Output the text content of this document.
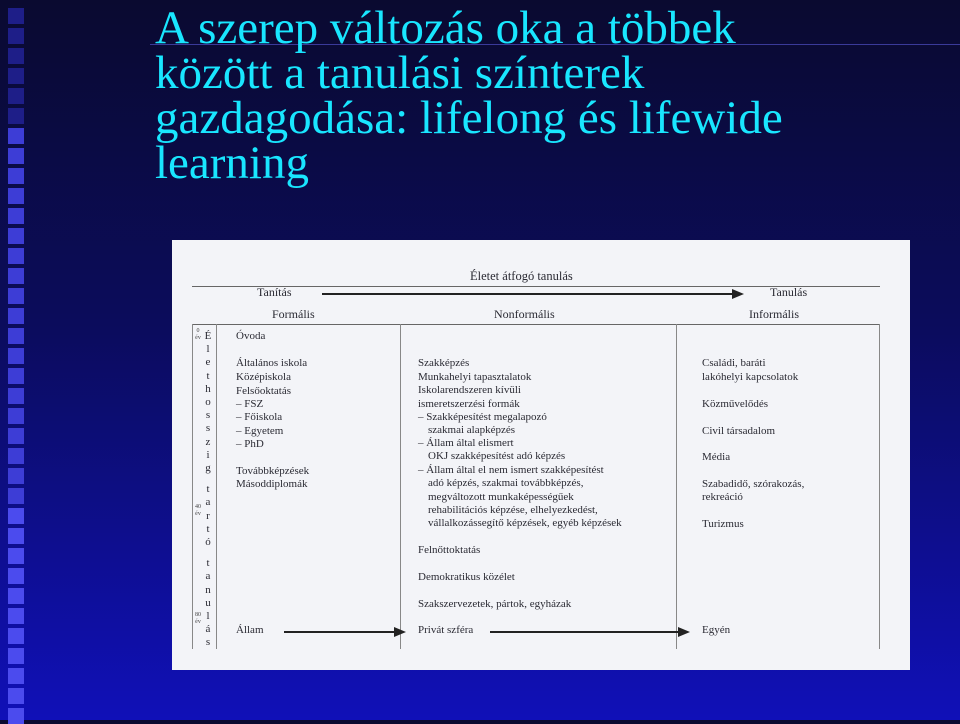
A szerep változás oka a többek
között a tanulási színterek
gazdagodása: lifelong és lifewide
learning
Életet átfogó tanulás
Tanítás	Tanulás
Formális	Nonformális	Informális
É
l
e
t
h
o
s
s
z
i
g
t
a
r
t
ó
t
a
n
u
l
á
s
0
év
40
év
80
év
Óvoda
Általános iskola
Középiskola
Felsőoktatás
– FSZ
– Főiskola
– Egyetem
– PhD
Továbbképzések
Másoddiplomák
Szakképzés
Munkahelyi tapasztalatok
Iskolarendszeren kívüli
ismeretszerzési formák
– Szakképesítést megalapozó
szakmai alapképzés
– Állam által elismert
OKJ szakképesítést adó képzés
– Állam által el nem ismert szakképesítést
adó képzés, szakmai továbbképzés,
megváltozott munkaképességűek
rehabilitációs képzése, elhelyezkedést,
vállalkozássegítő képzések, egyéb képzések
Felnőttoktatás
Demokratikus közélet
Szakszervezetek, pártok, egyházak
Családi, baráti
lakóhelyi kapcsolatok
Közművelődés
Civil társadalom
Média
Szabadidő, szórakozás,
rekreáció
Turizmus
Állam	Privát szféra	Egyén
